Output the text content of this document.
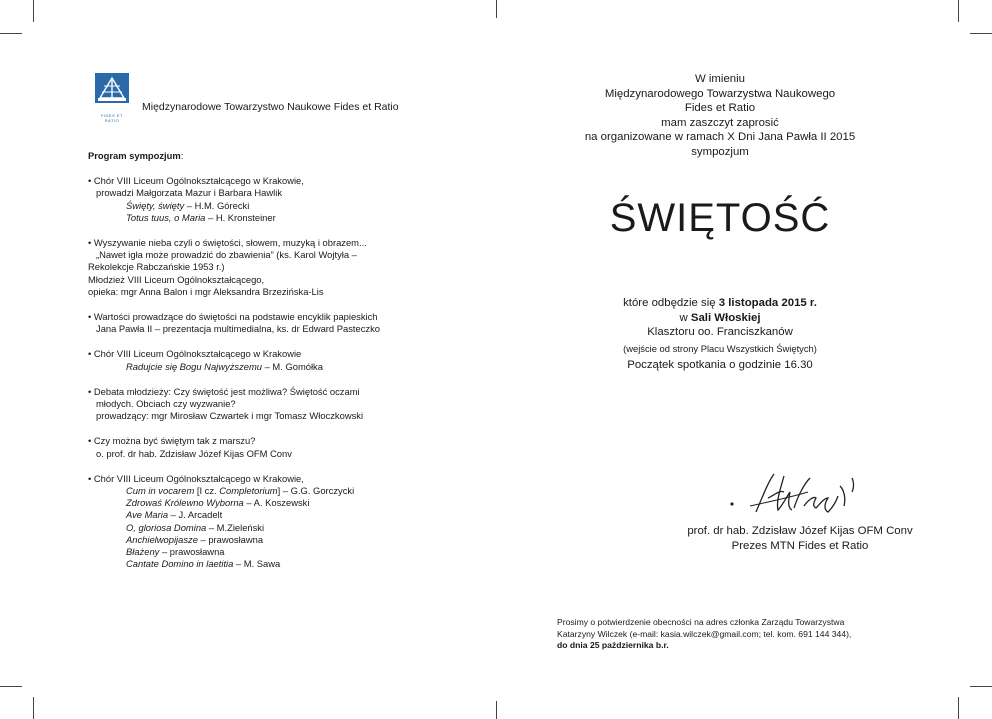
FIDES ET RATIO
Międzynarodowe Towarzystwo Naukowe Fides et Ratio
Program sympozjum:
• Chór VIII Liceum Ogólnokształcącego w Krakowie,
prowadzi Małgorzata Mazur i Barbara Hawlik
Święty, święty – H.M. Górecki
Totus tuus, o Maria – H. Kronsteiner
• Wyszywanie nieba czyli o świętości, słowem, muzyką i obrazem...
„Nawet igła może prowadzić do zbawienia” (ks. Karol Wojtyła –
Rekolekcje Rabczańskie 1953 r.)
Młodzież VIII Liceum Ogólnokształcącego,
opieka: mgr Anna Balon i mgr Aleksandra Brzezińska-Lis
• Wartości prowadzące do świętości na podstawie encyklik papieskich
Jana Pawła II – prezentacja multimedialna, ks. dr Edward Pasteczko
• Chór VIII Liceum Ogólnokształcącego w Krakowie
Radujcie się Bogu Najwyższemu – M. Gomółka
• Debata młodzieży: Czy świętość jest możliwa? Świętość oczami
młodych. Obciach czy wyzwanie?
prowadzący: mgr Mirosław Czwartek i mgr Tomasz Włoczkowski
• Czy można być świętym tak z marszu?
o. prof. dr hab. Zdzisław Józef Kijas OFM Conv
• Chór VIII Liceum Ogólnokształcącego w Krakowie,
Cum in vocarem [I cz. Completorium] – G.G. Gorczycki
Zdrowaś Królewno Wyborna – A. Koszewski
Ave Maria – J. Arcadelt
O, gloriosa Domina – M.Zieleński
Anchielwopijasze – prawosławna
Błażeny – prawosławna
Cantate Domino in laetitia – M. Sawa
W imieniu
Międzynarodowego Towarzystwa Naukowego
Fides et Ratio
mam zaszczyt zaprosić
na organizowane w ramach X Dni Jana Pawła II 2015
sympozjum
ŚWIĘTOŚĆ
które odbędzie się 3 listopada 2015 r.
w Sali Włoskiej
Klasztoru oo. Franciszkanów
(wejście od strony Placu Wszystkich Świętych)
Początek spotkania o godzinie 16.30
prof. dr hab. Zdzisław Józef Kijas OFM Conv
Prezes MTN Fides et Ratio
Prosimy o potwierdzenie obecności na adres członka Zarządu Towarzystwa
Katarzyny Wilczek (e-mail: kasia.wilczek@gmail.com; tel. kom. 691 144 344),
do dnia 25 października b.r.
